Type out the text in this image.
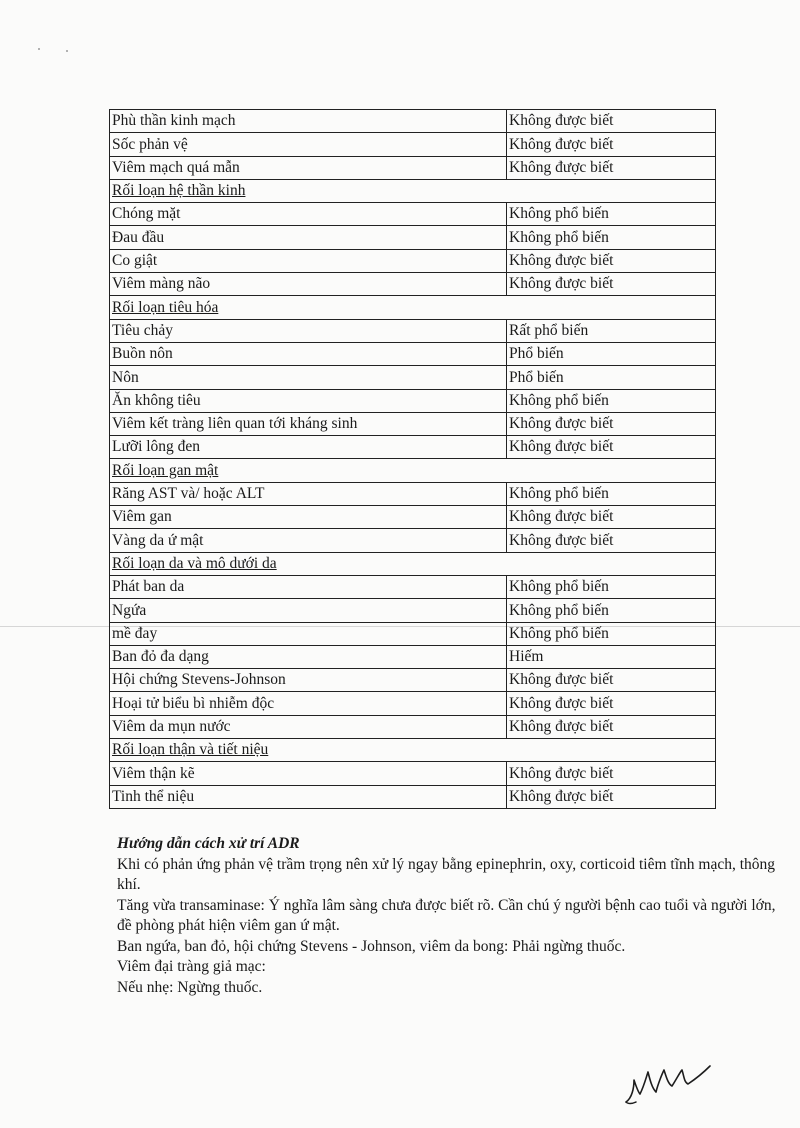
Phù thần kinh mạch	Không được biết
Sốc phản vệ	Không được biết
Viêm mạch quá mẫn	Không được biết
Rối loạn hệ thần kinh	
Chóng mặt	Không phổ biến
Đau đầu	Không phổ biến
Co giật	Không được biết
Viêm màng não	Không được biết
Rối loạn tiêu hóa	
Tiêu chảy	Rất phổ biến
Buồn nôn	Phổ biến
Nôn	Phổ biến
Ăn không tiêu	Không phổ biến
Viêm kết tràng liên quan tới kháng sinh	Không được biết
Lưỡi lông đen	Không được biết
Rối loạn gan mật	
Răng AST và/ hoặc ALT	Không phổ biến
Viêm gan	Không được biết
Vàng da ứ mật	Không được biết
Rối loạn da và mô dưới da	
Phát ban da	Không phổ biến
Ngứa	Không phổ biến
mề đay	Không phổ biến
Ban đỏ đa dạng	Hiếm
Hội chứng Stevens-Johnson	Không được biết
Hoại tử biểu bì nhiễm độc	Không được biết
Viêm da mụn nước	Không được biết
Rối loạn thận và tiết niệu	
Viêm thận kẽ	Không được biết
Tinh thể niệu	Không được biết
Hướng dẫn cách xử trí ADR

Khi có phản ứng phản vệ trầm trọng nên xử lý ngay bằng epinephrin, oxy, corticoid tiêm tĩnh mạch, thông khí.

Tăng vừa transaminase: Ý nghĩa lâm sàng chưa được biết rõ. Cần chú ý người bệnh cao tuổi và người lớn, đề phòng phát hiện viêm gan ứ mật.

Ban ngứa, ban đỏ, hội chứng Stevens - Johnson, viêm da bong: Phải ngừng thuốc.

Viêm đại tràng giả mạc:

Nếu nhẹ: Ngừng thuốc.
